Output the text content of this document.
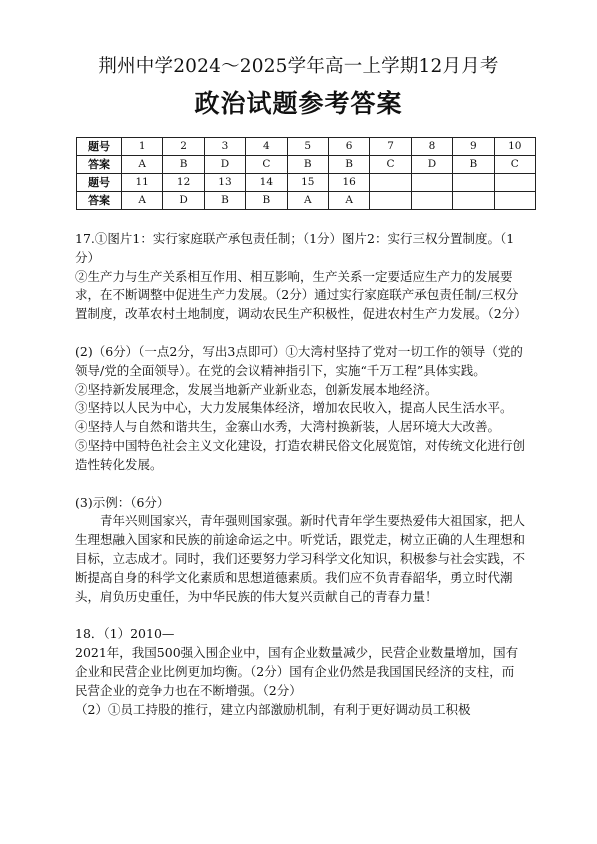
荆州中学2024～2025学年高一上学期12月月考
政治试题参考答案
题号	1	2	3	4	5	6	7	8	9	10
答案	A	B	D	C	B	B	C	D	B	C
题号	11	12	13	14	15	16				
答案	A	D	B	B	A	A				

17.①图片1：实行家庭联产承包责任制；（1分）图片2：实行三权分置制度。（1分）

②生产力与生产关系相互作用、相互影响，生产关系一定要适应生产力的发展要求，在不断调整中促进生产力发展。（2分）通过实行家庭联产承包责任制/三权分置制度，改革农村土地制度，调动农民生产积极性，促进农村生产力发展。（2分）

(2)（6分）（一点2分，写出3点即可）①大湾村坚持了党对一切工作的领导（党的领导/党的全面领导）。在党的会议精神指引下，实施“千万工程”具体实践。

②坚持新发展理念，发展当地新产业新业态，创新发展本地经济。

③坚持以人民为中心，大力发展集体经济，增加农民收入，提高人民生活水平。

④坚持人与自然和谐共生，金寨山水秀，大湾村换新装，人居环境大大改善。

⑤坚持中国特色社会主义文化建设，打造农耕民俗文化展览馆，对传统文化进行创造性转化发展。

(3)示例：（6分）

青年兴则国家兴，青年强则国家强。新时代青年学生要热爱伟大祖国家，把人生理想融入国家和民族的前途命运之中。听党话，跟党走，树立正确的人生理想和目标，立志成才。同时，我们还要努力学习科学文化知识，积极参与社会实践，不断提高自身的科学文化素质和思想道德素质。我们应不负青春韶华，勇立时代潮头，肩负历史重任，为中华民族的伟大复兴贡献自己的青春力量！

18．（1）2010—

2021年，我国500强入围企业中，国有企业数量减少，民营企业数量增加，国有企业和民营企业比例更加均衡。（2分）国有企业仍然是我国国民经济的支柱，而民营企业的竞争力也在不断增强。（2分）

（2）①员工持股的推行，建立内部激励机制，有利于更好调动员工积极
